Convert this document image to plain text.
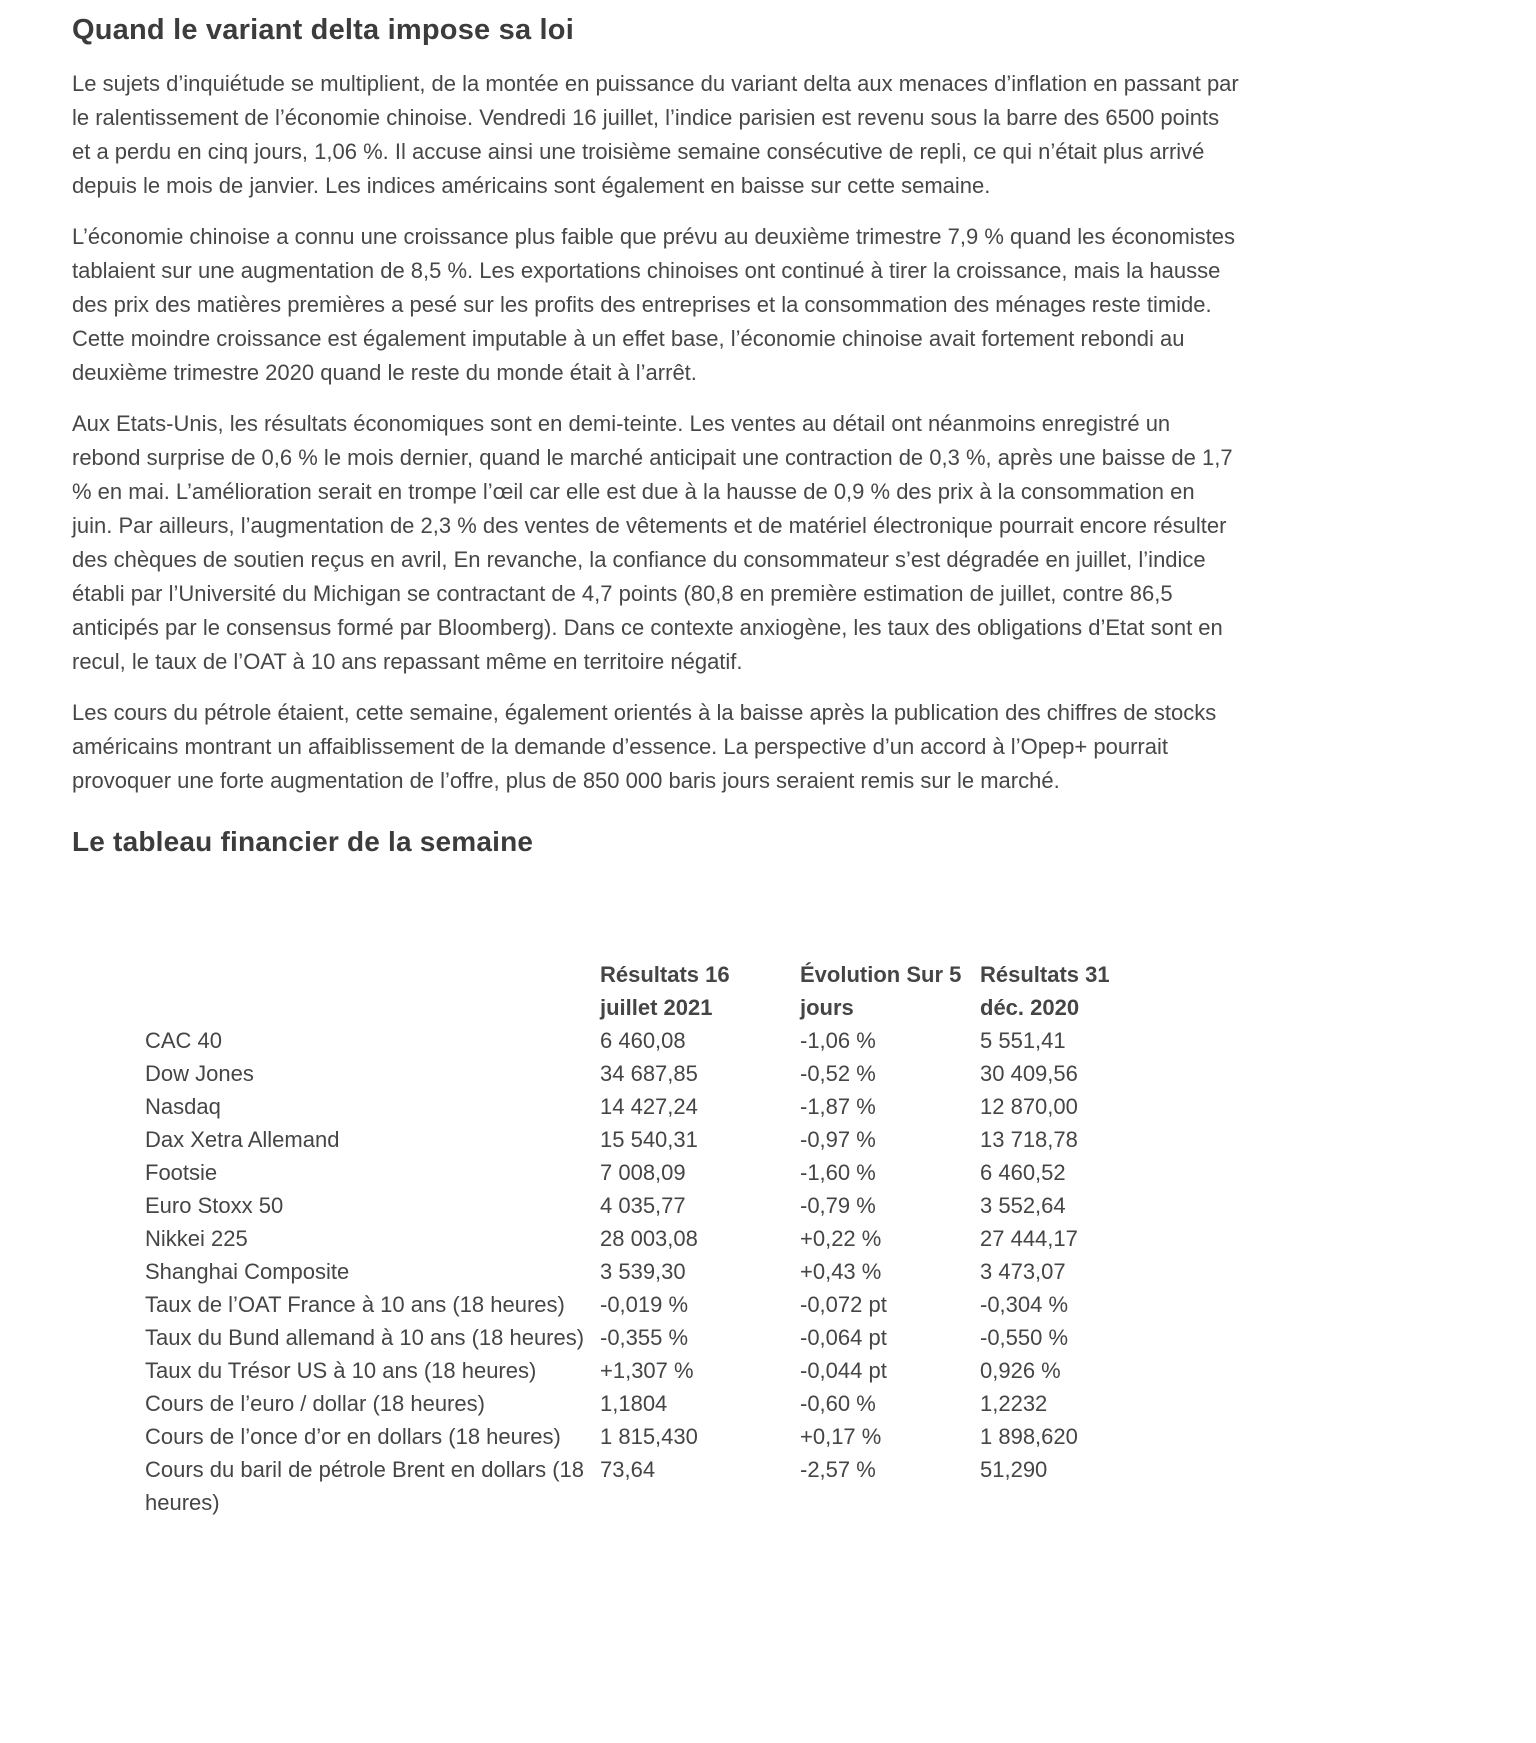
Quand le variant delta impose sa loi

Le sujets d’inquiétude se multiplient, de la montée en puissance du variant delta aux menaces d’inflation en passant par le ralentissement de l’économie chinoise. Vendredi 16 juillet, l’indice parisien est revenu sous la barre des 6500 points et a perdu en cinq jours, 1,06 %. Il accuse ainsi une troisième semaine consécutive de repli, ce qui n’était plus arrivé depuis le mois de janvier. Les indices américains sont également en baisse sur cette semaine.

L’économie chinoise a connu une croissance plus faible que prévu au deuxième trimestre 7,9 % quand les économistes tablaient sur une augmentation de 8,5 %. Les exportations chinoises ont continué à tirer la croissance, mais la hausse des prix des matières premières a pesé sur les profits des entreprises et la consommation des ménages reste timide. Cette moindre croissance est également imputable à un effet base, l’économie chinoise avait fortement rebondi au deuxième trimestre 2020 quand le reste du monde était à l’arrêt.

Aux Etats-Unis, les résultats économiques sont en demi-teinte. Les ventes au détail ont néanmoins enregistré un rebond surprise de 0,6 % le mois dernier, quand le marché anticipait une contraction de 0,3 %, après une baisse de 1,7 % en mai. L’amélioration serait en trompe l’œil car elle est due à la hausse de 0,9 % des prix à la consommation en juin. Par ailleurs, l’augmentation de 2,3 % des ventes de vêtements et de matériel électronique pourrait encore résulter des chèques de soutien reçus en avril, En revanche, la confiance du consommateur s’est dégradée en juillet, l’indice établi par l’Université du Michigan se contractant de 4,7 points (80,8 en première estimation de juillet, contre 86,5 anticipés par le consensus formé par Bloomberg). Dans ce contexte anxiogène, les taux des obligations d’Etat sont en recul, le taux de l’OAT à 10 ans repassant même en territoire négatif.

Les cours du pétrole étaient, cette semaine, également orientés à la baisse après la publication des chiffres de stocks américains montrant un affaiblissement de la demande d’essence. La perspective d’un accord à l’Opep+ pourrait provoquer une forte augmentation de l’offre, plus de 850 000 baris jours seraient remis sur le marché.

Le tableau financier de la semaine

	Résultats 16 juillet 2021	Évolution Sur 5 jours	Résultats 31 déc. 2020

CAC 40	6 460,08	-1,06 %	5 551,41
Dow Jones	34 687,85	-0,52 %	30 409,56
Nasdaq	14 427,24	-1,87 %	12 870,00
Dax Xetra Allemand	15 540,31	-0,97 %	13 718,78
Footsie	7 008,09	-1,60 %	6 460,52
Euro Stoxx 50	4 035,77	-0,79 %	3 552,64
Nikkei 225	28 003,08	+0,22 %	27 444,17
Shanghai Composite	3 539,30	+0,43 %	3 473,07
Taux de l’OAT France à 10 ans (18 heures)	-0,019 %	-0,072 pt	-0,304 %
Taux du Bund allemand à 10 ans (18 heures)	-0,355 %	-0,064 pt	-0,550 %
Taux du Trésor US à 10 ans (18 heures)	+1,307 %	-0,044 pt	0,926 %
Cours de l’euro / dollar (18 heures)	1,1804	-0,60 %	1,2232
Cours de l’once d’or en dollars (18 heures)	1 815,430	+0,17 %	1 898,620
Cours du baril de pétrole Brent en dollars (18 heures)	73,64	-2,57 %	51,290
